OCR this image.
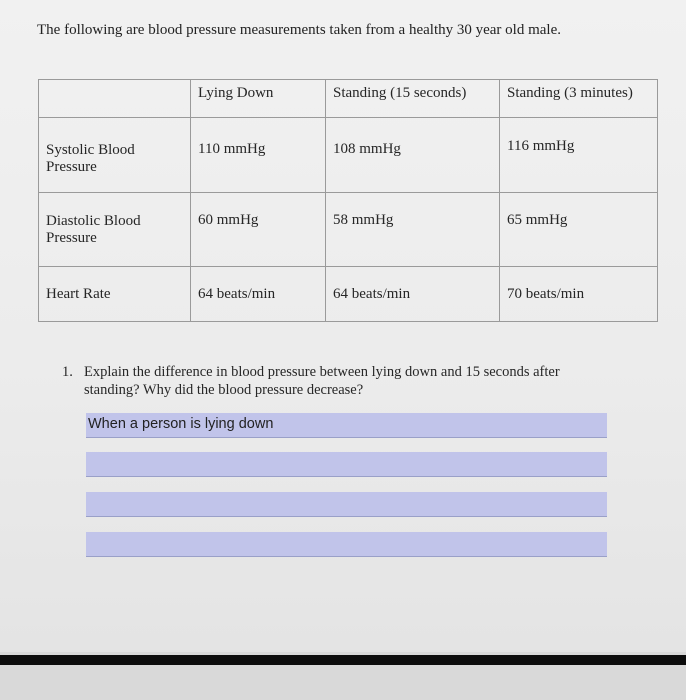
The following are blood pressure measurements taken from a healthy 30 year old male.

	Lying Down	Standing (15 seconds)	Standing (3 minutes)

Systolic Blood Pressure	110 mmHg	108 mmHg	116 mmHg

Diastolic Blood Pressure	60 mmHg	58 mmHg	65 mmHg

Heart Rate	64 beats/min	64 beats/min	70 beats/min
1. Explain the difference in blood pressure between lying down and 15 seconds after
standing? Why did the blood pressure decrease?
When a person is lying down
